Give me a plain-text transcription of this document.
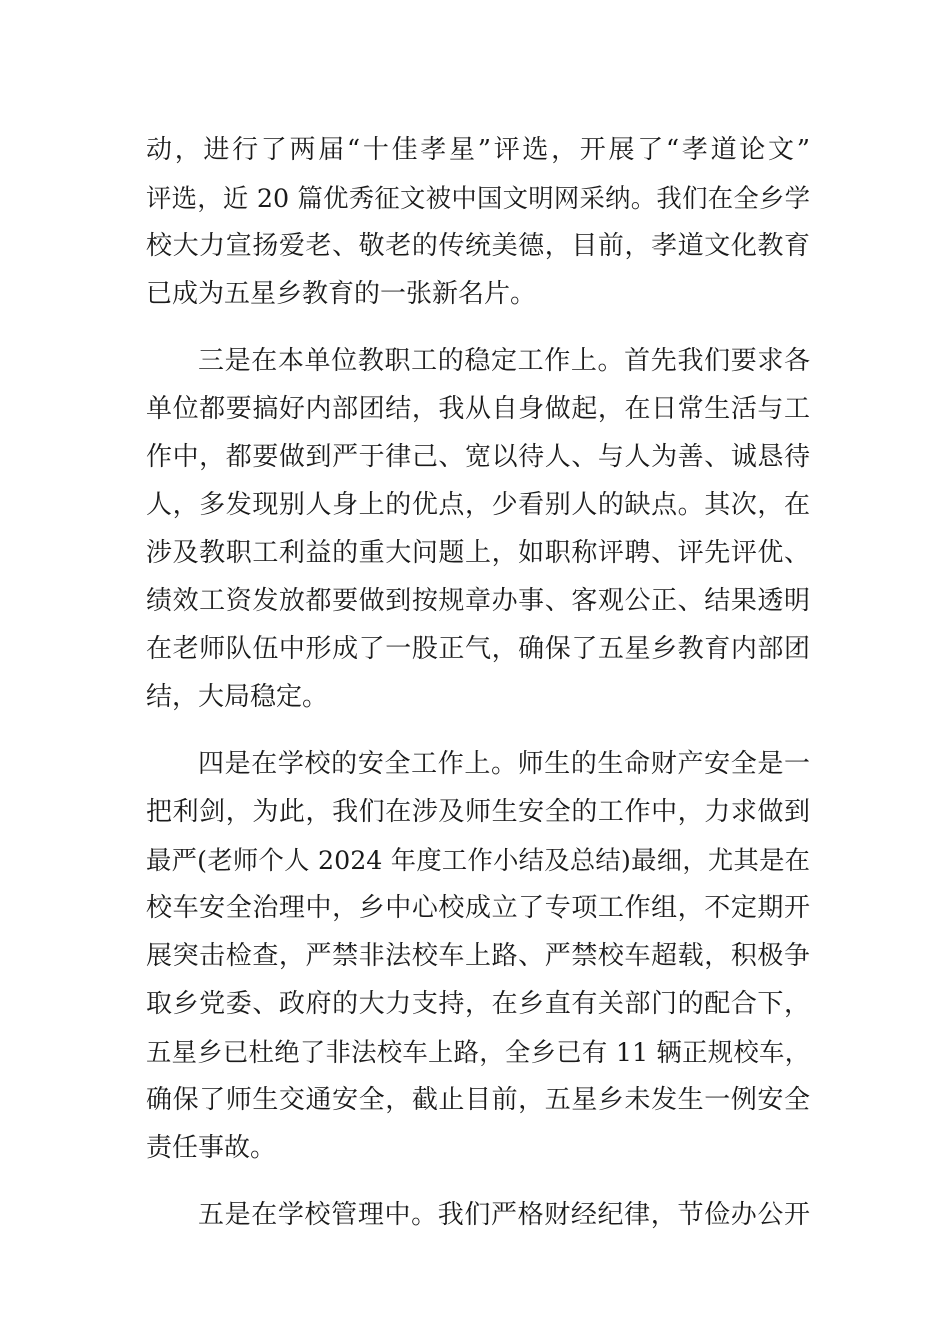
动，进行了两届“十佳孝星”评选，开展了“孝道论文”
评选，近 20 篇优秀征文被中国文明网采纳。我们在全乡学
校大力宣扬爱老、敬老的传统美德，目前，孝道文化教育
已成为五星乡教育的一张新名片。
三是在本单位教职工的稳定工作上。首先我们要求各
单位都要搞好内部团结，我从自身做起，在日常生活与工
作中，都要做到严于律己、宽以待人、与人为善、诚恳待
人，多发现别人身上的优点，少看别人的缺点。其次，在
涉及教职工利益的重大问题上，如职称评聘、评先评优、
绩效工资发放都要做到按规章办事、客观公正、结果透明
在老师队伍中形成了一股正气，确保了五星乡教育内部团
结，大局稳定。
四是在学校的安全工作上。师生的生命财产安全是一
把利剑，为此，我们在涉及师生安全的工作中，力求做到
最严(老师个人 2024 年度工作小结及总结)最细，尤其是在
校车安全治理中，乡中心校成立了专项工作组，不定期开
展突击检查，严禁非法校车上路、严禁校车超载，积极争
取乡党委、政府的大力支持，在乡直有关部门的配合下，
五星乡已杜绝了非法校车上路，全乡已有 11 辆正规校车，
确保了师生交通安全，截止目前，五星乡未发生一例安全
责任事故。
五是在学校管理中。我们严格财经纪律，节俭办公开
